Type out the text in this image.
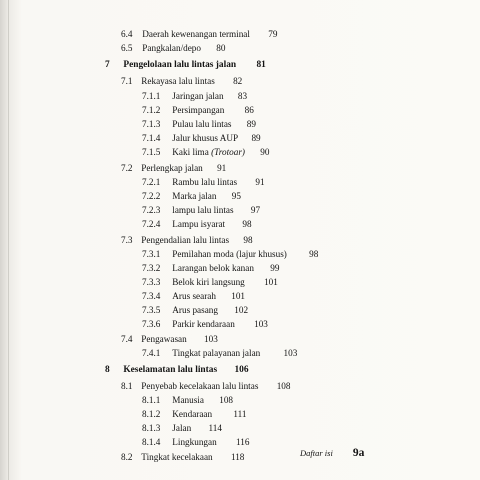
6.4 Daerah kewenangan terminal 79
6.5 Pangkalan/depo 80
7 Pengelolaan lalu lintas jalan 81
7.1 Rekayasa lalu lintas 82
7.1.1 Jaringan jalan 83
7.1.2 Persimpangan 86
7.1.3 Pulau lalu lintas 89
7.1.4 Jalur khusus AUP 89
7.1.5 Kaki lima (Trotoar) 90
7.2 Perlengkap jalan 91
7.2.1 Rambu lalu lintas 91
7.2.2 Marka jalan 95
7.2.3 lampu lalu lintas 97
7.2.4 Lampu isyarat 98
7.3 Pengendalian lalu lintas 98
7.3.1 Pemilahan moda (lajur khusus) 98
7.3.2 Larangan belok kanan 99
7.3.3 Belok kiri langsung 101
7.3.4 Arus searah 101
7.3.5 Arus pasang 102
7.3.6 Parkir kendaraan 103
7.4 Pengawasan 103
7.4.1 Tingkat palayanan jalan	103
8 Keselamatan lalu lintas 106
8.1 Penyebab kecelakaan lalu lintas 108
8.1.1 Manusia 108
8.1.2 Kendaraan 111
8.1.3 Jalan 114
8.1.4 Lingkungan 116
8.2 Tingkat kecelakaan 118	Daftar isi 9a
